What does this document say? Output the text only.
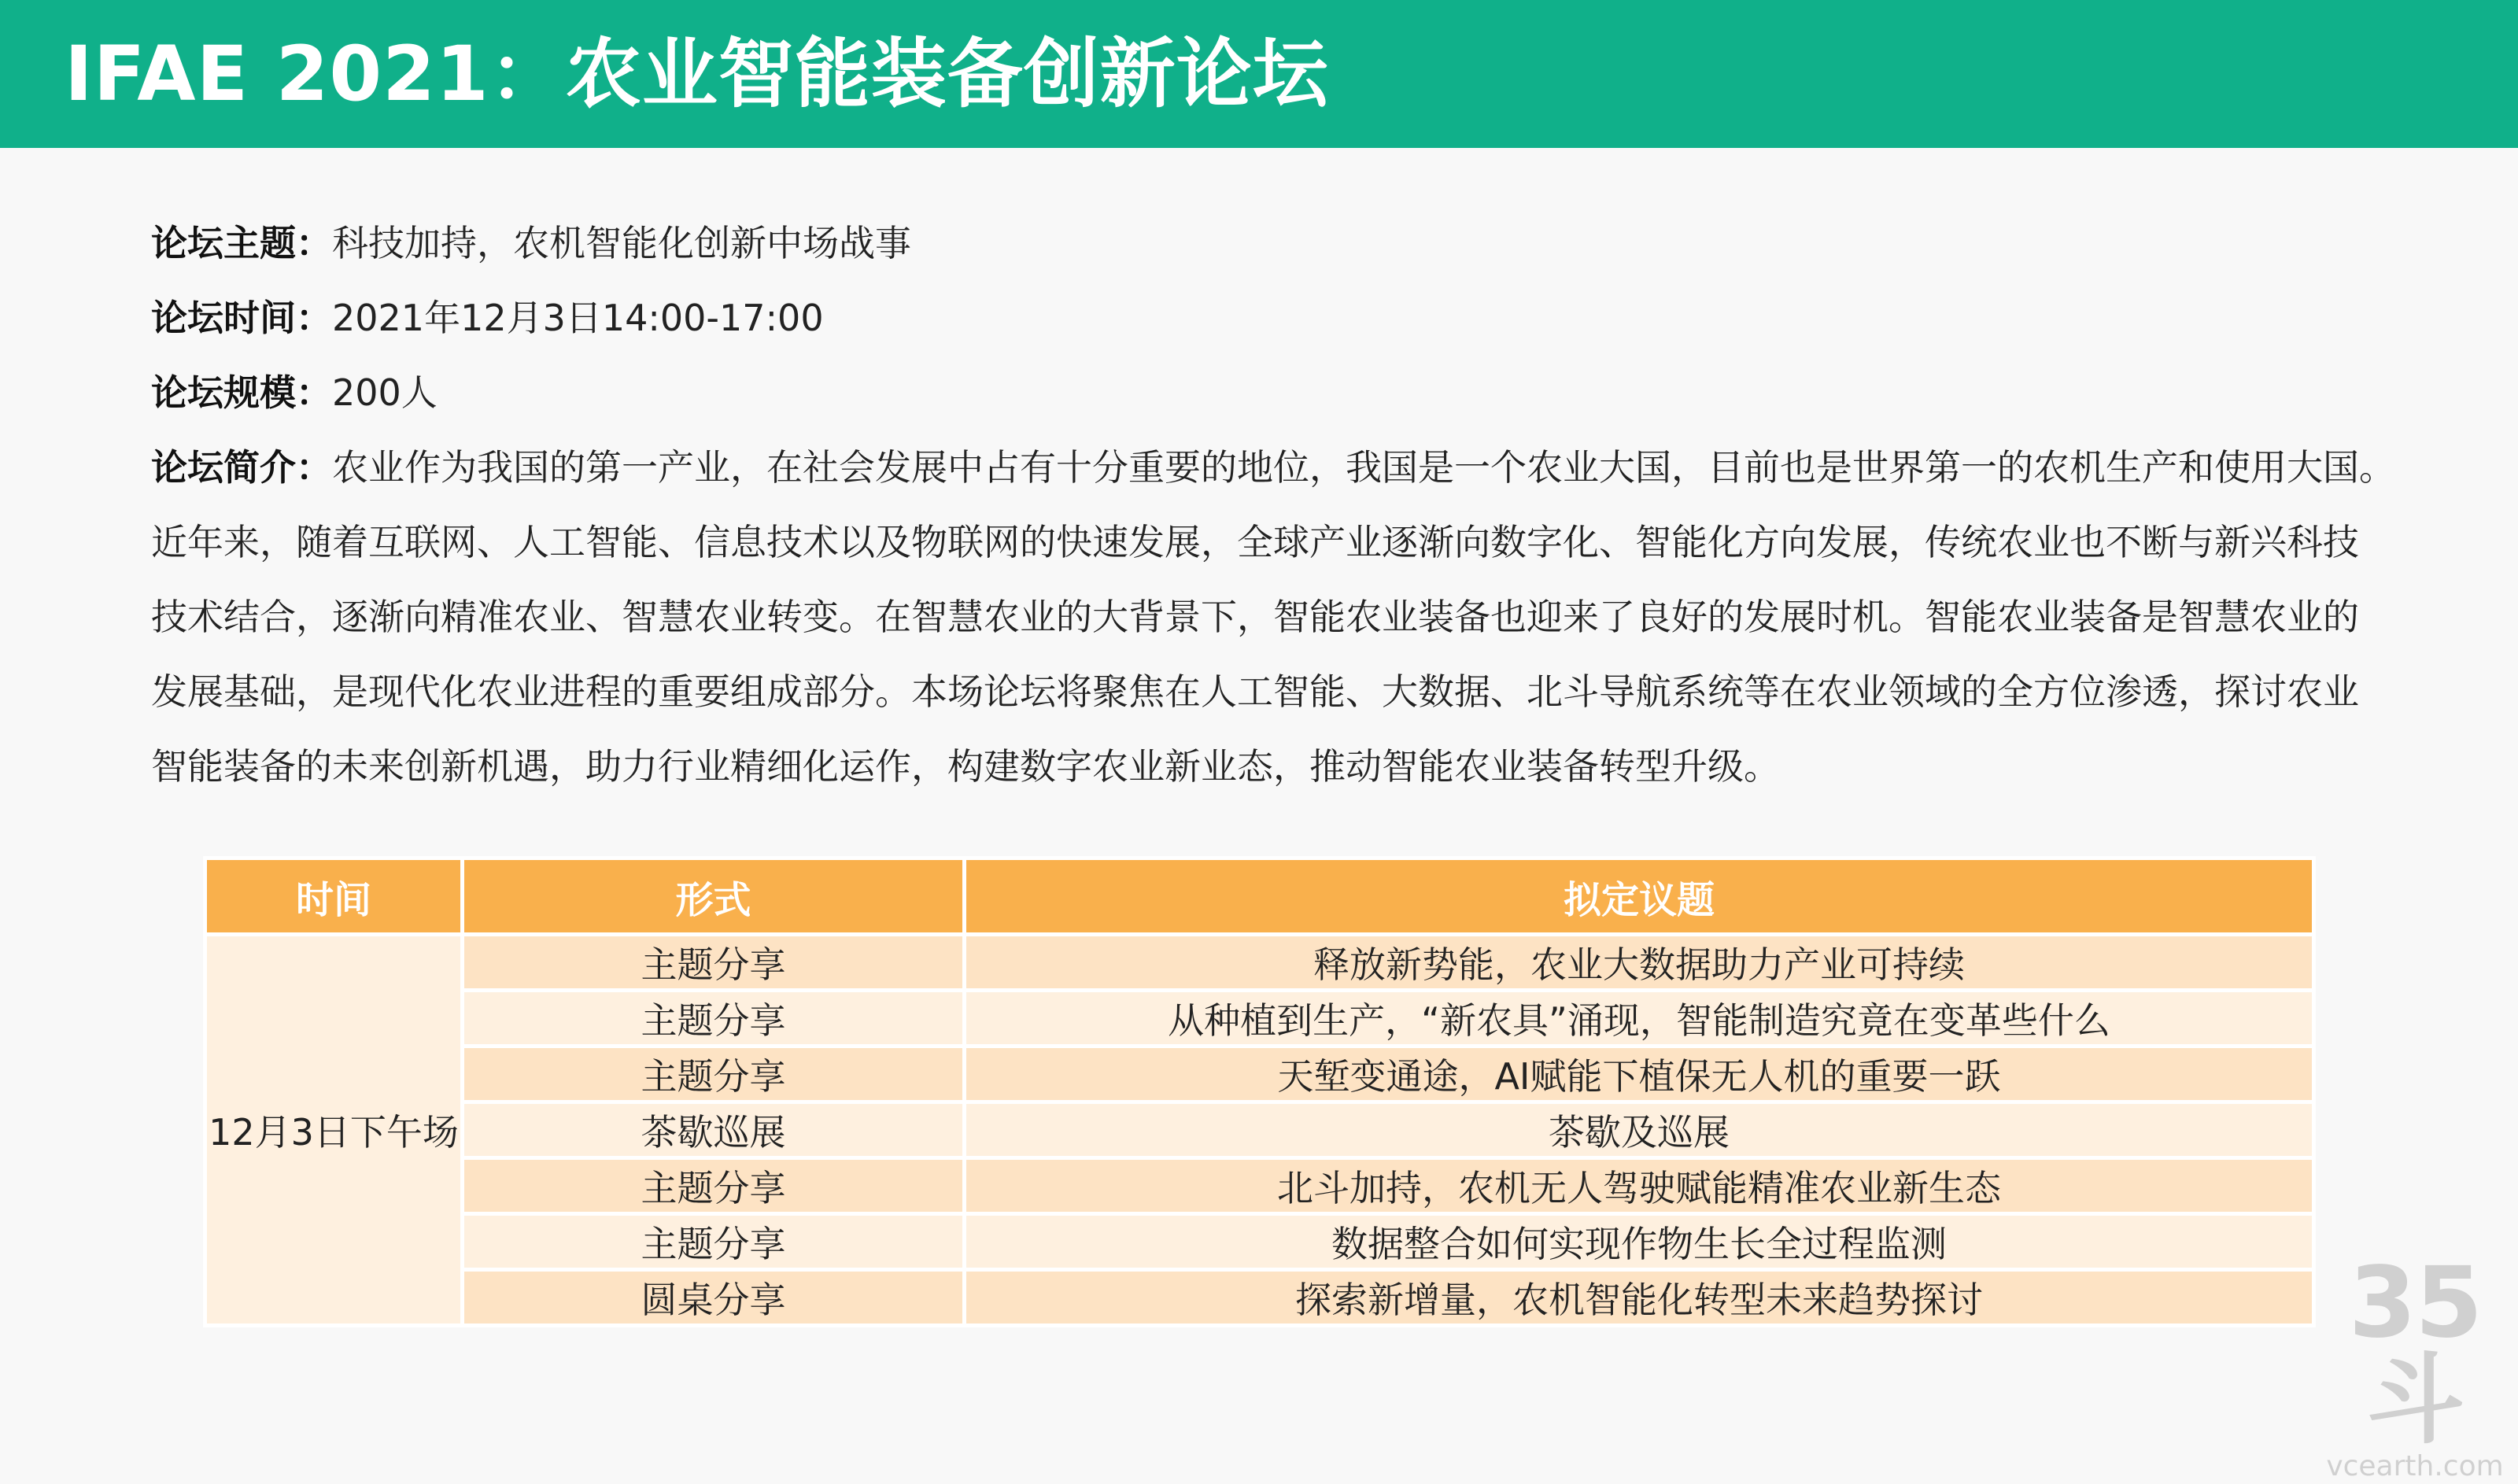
IFAE 2021：农业智能装备创新论坛
论坛主题：科技加持，农机智能化创新中场战事
论坛时间：2021年12月3日14:00-17:00
论坛规模：200人
论坛简介：农业作为我国的第一产业，在社会发展中占有十分重要的地位，我国是一个农业大国，目前也是世界第一的农机生产和使用大国。
近年来，随着互联网、人工智能、信息技术以及物联网的快速发展，全球产业逐渐向数字化、智能化方向发展，传统农业也不断与新兴科技
技术结合，逐渐向精准农业、智慧农业转变。在智慧农业的大背景下，智能农业装备也迎来了良好的发展时机。智能农业装备是智慧农业的
发展基础，是现代化农业进程的重要组成部分。本场论坛将聚焦在人工智能、大数据、北斗导航系统等在农业领域的全方位渗透，探讨农业
智能装备的未来创新机遇，助力行业精细化运作，构建数字农业新业态，推动智能农业装备转型升级。
时间	形式	拟定议题
12月3日下午场	主题分享	释放新势能，农业大数据助力产业可持续
	主题分享	从种植到生产，“新农具”涌现，智能制造究竟在变革些什么
	主题分享	天堑变通途，AI赋能下植保无人机的重要一跃
	茶歇巡展	茶歇及巡展
	主题分享	北斗加持，农机无人驾驶赋能精准农业新生态
	主题分享	数据整合如何实现作物生长全过程监测
	圆桌分享	探索新增量，农机智能化转型未来趋势探讨	35斗
vcearth.com
